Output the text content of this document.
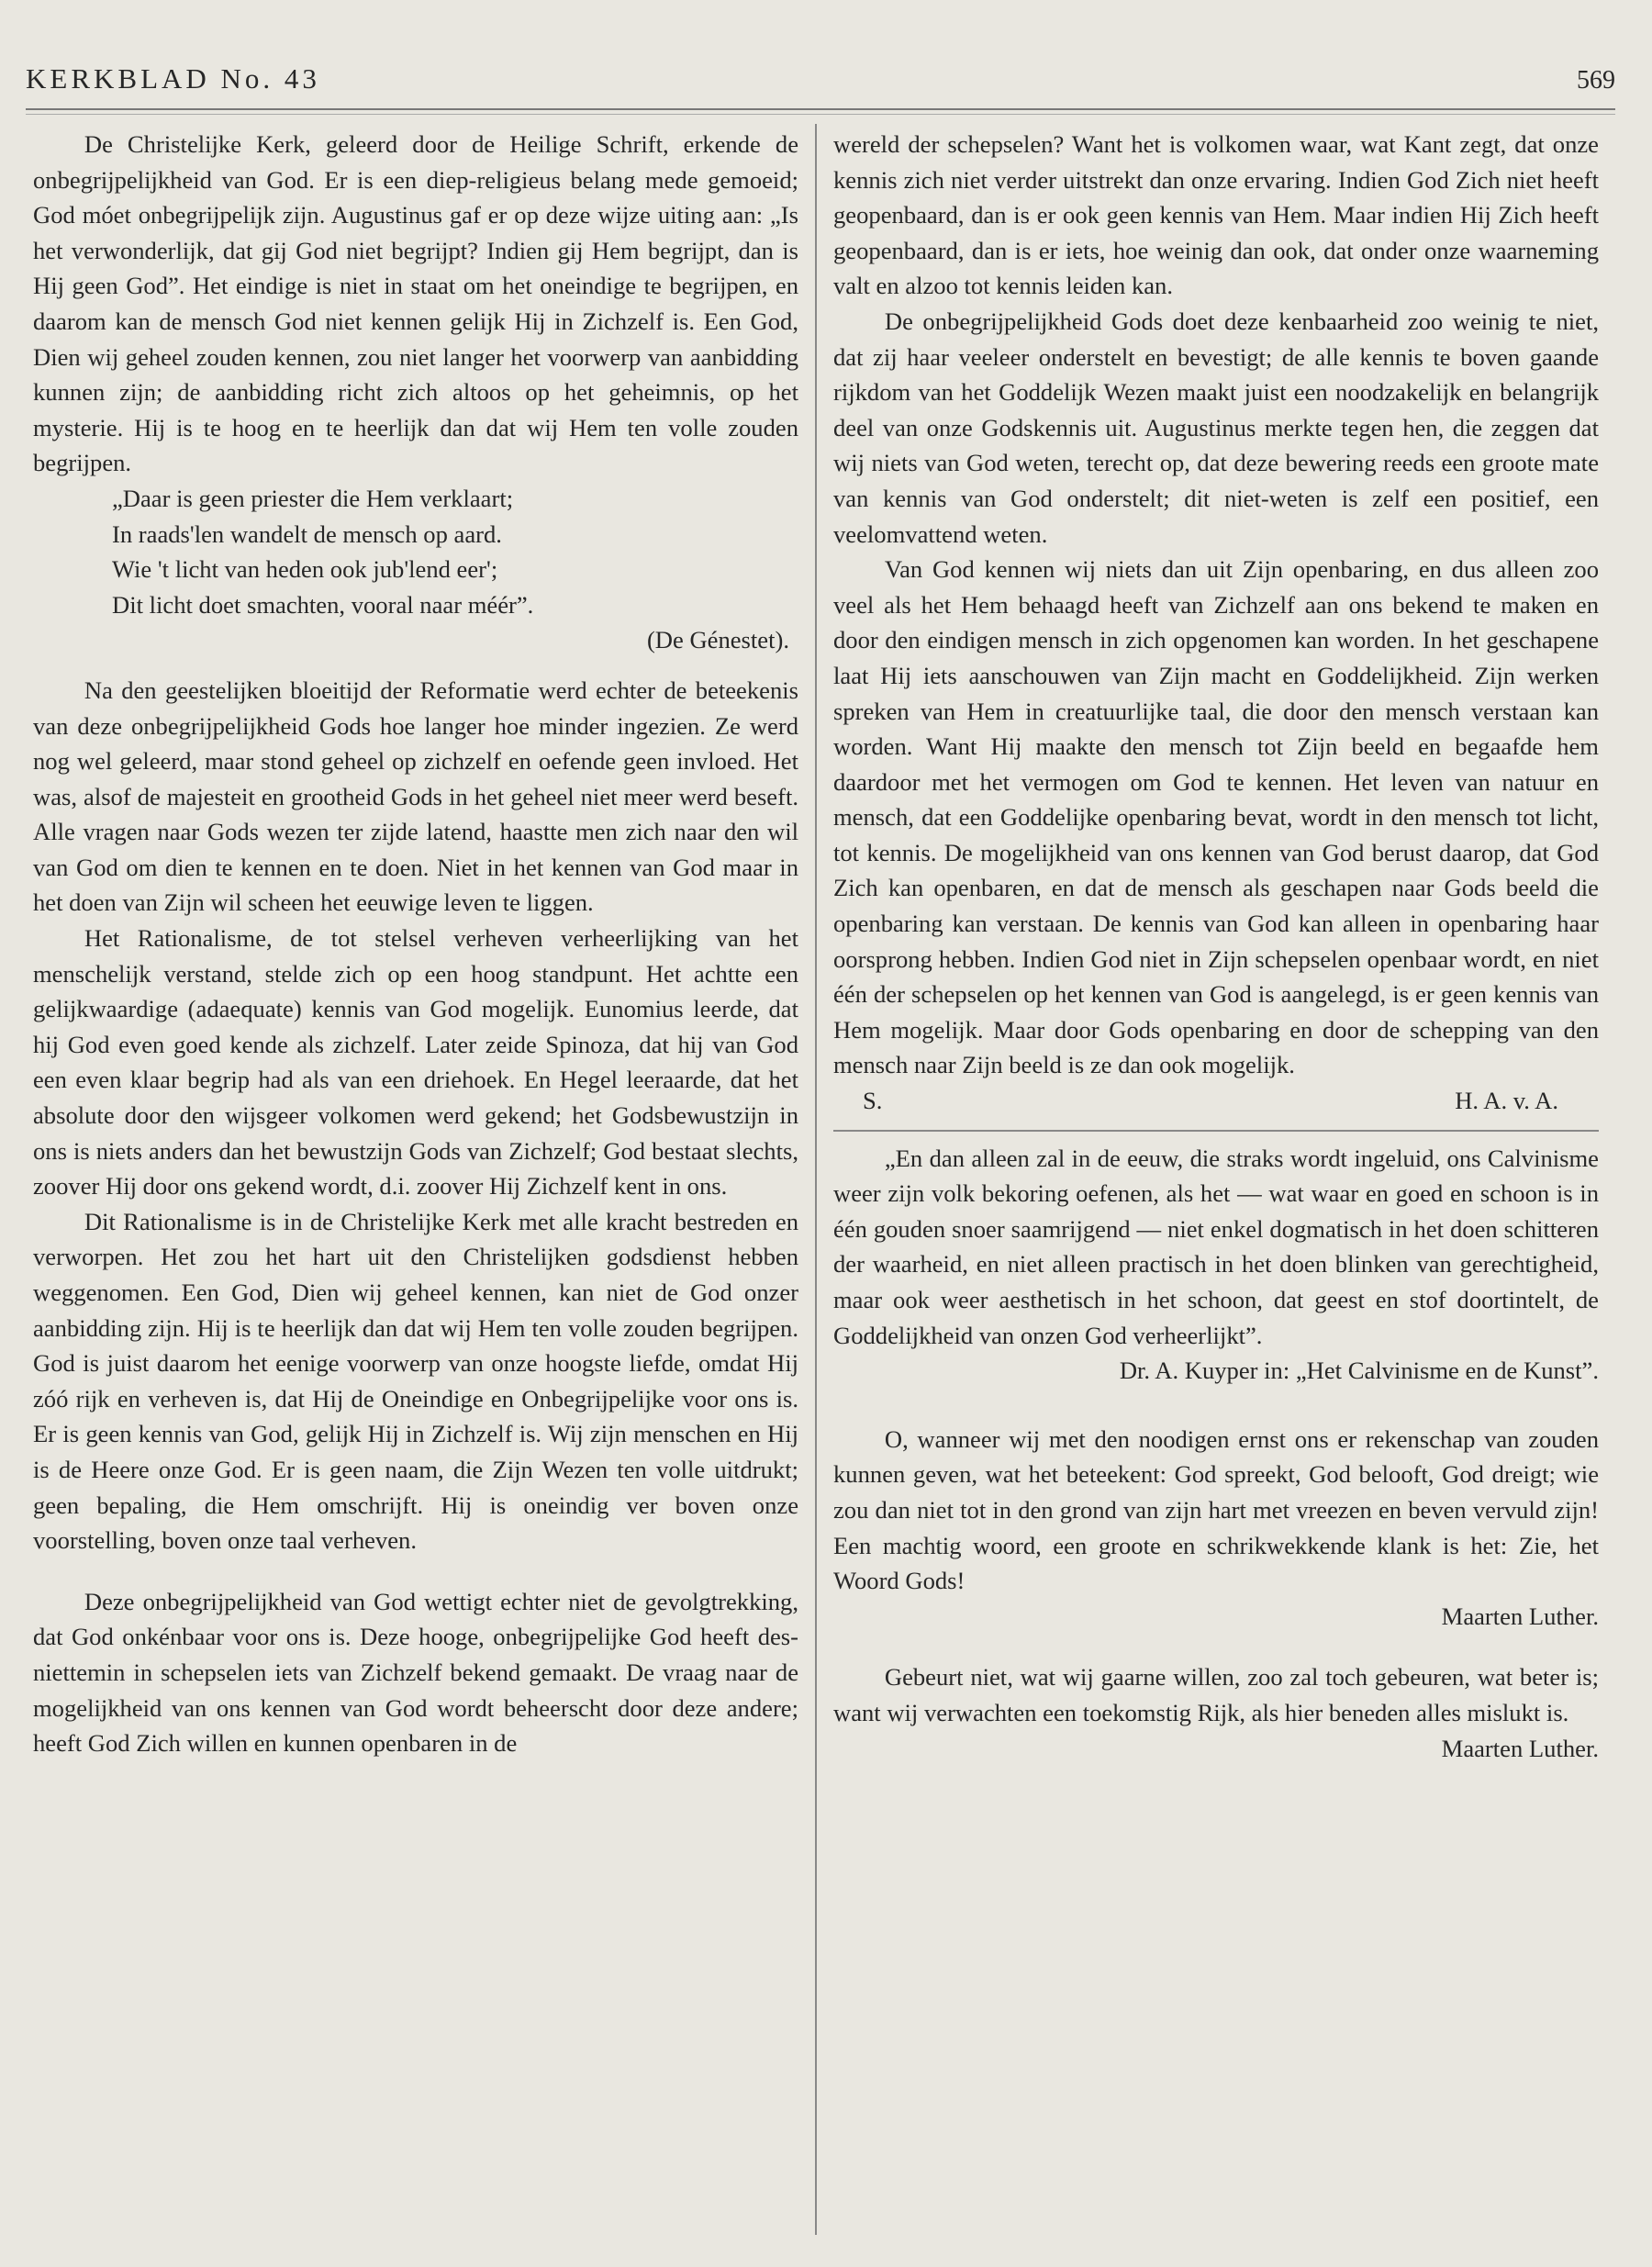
KERKBLAD No. 43	569

De Christelijke Kerk, geleerd door de Heilige Schrift, erkende de onbegrijpelijkheid van God. Er is een diep-religieus belang mede gemoeid; God móet onbegrijpelijk zijn. Augustinus gaf er op deze wijze uiting aan: „Is het verwonderlijk, dat gij God niet begrijpt? Indien gij Hem begrijpt, dan is Hij geen God”. Het eindige is niet in staat om het oneindige te begrijpen, en daarom kan de mensch God niet kennen gelijk Hij in Zichzelf is. Een God, Dien wij geheel zouden kennen, zou niet langer het voorwerp van aanbidding kunnen zijn; de aanbidding richt zich altoos op het geheimnis, op het mysterie. Hij is te hoog en te heerlijk dan dat wij Hem ten volle zouden begrijpen.

„Daar is geen priester die Hem verklaart;
In raads'len wandelt de mensch op aard.
Wie 't licht van heden ook jub'lend eer';
Dit licht doet smachten, vooral naar méér”.
(De Génestet).

Na den geestelijken bloeitijd der Reformatie werd echter de beteekenis van deze onbegrijpelijkheid Gods hoe langer hoe minder ingezien. Ze werd nog wel geleerd, maar stond geheel op zichzelf en oefende geen invloed. Het was, alsof de majesteit en grootheid Gods in het geheel niet meer werd beseft. Alle vragen naar Gods wezen ter zijde latend, haastte men zich naar den wil van God om dien te kennen en te doen. Niet in het kennen van God maar in het doen van Zijn wil scheen het eeuwige leven te liggen.

Het Rationalisme, de tot stelsel verheven verheerlijking van het menschelijk verstand, stelde zich op een hoog standpunt. Het achtte een gelijkwaardige (adaequate) kennis van God mogelijk. Eunomius leerde, dat hij God even goed kende als zichzelf. Later zeide Spinoza, dat hij van God een even klaar begrip had als van een driehoek. En Hegel leeraarde, dat het absolute door den wijsgeer volkomen werd gekend; het Godsbewustzijn in ons is niets anders dan het bewustzijn Gods van Zichzelf; God bestaat slechts, zoover Hij door ons gekend wordt, d.i. zoover Hij Zichzelf kent in ons.

Dit Rationalisme is in de Christelijke Kerk met alle kracht bestreden en verworpen. Het zou het hart uit den Christelijken godsdienst hebben weggenomen. Een God, Dien wij geheel kennen, kan niet de God onzer aanbidding zijn. Hij is te heerlijk dan dat wij Hem ten volle zouden begrijpen. God is juist daarom het eenige voorwerp van onze hoogste liefde, omdat Hij zóó rijk en verheven is, dat Hij de Oneindige en Onbegrijpelijke voor ons is. Er is geen kennis van God, gelijk Hij in Zichzelf is. Wij zijn menschen en Hij is de Heere onze God. Er is geen naam, die Zijn Wezen ten volle uitdrukt; geen bepaling, die Hem omschrijft. Hij is oneindig ver boven onze voorstelling, boven onze taal verheven.

Deze onbegrijpelijkheid van God wettigt echter niet de gevolgtrekking, dat God onkénbaar voor ons is. Deze hooge, onbegrijpelijke God heeft des-niettemin in schepselen iets van Zichzelf bekend gemaakt. De vraag naar de mogelijkheid van ons kennen van God wordt beheerscht door deze andere; heeft God Zich willen en kunnen openbaren in de

wereld der schepselen? Want het is volkomen waar, wat Kant zegt, dat onze kennis zich niet verder uitstrekt dan onze ervaring. Indien God Zich niet heeft geopenbaard, dan is er ook geen kennis van Hem. Maar indien Hij Zich heeft geopenbaard, dan is er iets, hoe weinig dan ook, dat onder onze waarneming valt en alzoo tot kennis leiden kan.

De onbegrijpelijkheid Gods doet deze kenbaarheid zoo weinig te niet, dat zij haar veeleer onderstelt en bevestigt; de alle kennis te boven gaande rijkdom van het Goddelijk Wezen maakt juist een noodzakelijk en belangrijk deel van onze Godskennis uit. Augustinus merkte tegen hen, die zeggen dat wij niets van God weten, terecht op, dat deze bewering reeds een groote mate van kennis van God onderstelt; dit niet-weten is zelf een positief, een veelomvattend weten.

Van God kennen wij niets dan uit Zijn openbaring, en dus alleen zoo veel als het Hem behaagd heeft van Zichzelf aan ons bekend te maken en door den eindigen mensch in zich opgenomen kan worden. In het geschapene laat Hij iets aanschouwen van Zijn macht en Goddelijkheid. Zijn werken spreken van Hem in creatuurlijke taal, die door den mensch verstaan kan worden. Want Hij maakte den mensch tot Zijn beeld en begaafde hem daardoor met het vermogen om God te kennen. Het leven van natuur en mensch, dat een Goddelijke openbaring bevat, wordt in den mensch tot licht, tot kennis. De mogelijkheid van ons kennen van God berust daarop, dat God Zich kan openbaren, en dat de mensch als geschapen naar Gods beeld die openbaring kan verstaan. De kennis van God kan alleen in openbaring haar oorsprong hebben. Indien God niet in Zijn schepselen openbaar wordt, en niet één der schepselen op het kennen van God is aangelegd, is er geen kennis van Hem mogelijk. Maar door Gods openbaring en door de schepping van den mensch naar Zijn beeld is ze dan ook mogelijk.

S.	H. A. v. A.

„En dan alleen zal in de eeuw, die straks wordt ingeluid, ons Calvinisme weer zijn volk bekoring oefenen, als het — wat waar en goed en schoon is in één gouden snoer saamrijgend — niet enkel dogmatisch in het doen schitteren der waarheid, en niet alleen practisch in het doen blinken van gerechtigheid, maar ook weer aesthetisch in het schoon, dat geest en stof doortintelt, de Goddelijkheid van onzen God verheerlijkt”.

Dr. A. Kuyper in: „Het Calvinisme en de Kunst”.

O, wanneer wij met den noodigen ernst ons er rekenschap van zouden kunnen geven, wat het beteekent: God spreekt, God belooft, God dreigt; wie zou dan niet tot in den grond van zijn hart met vreezen en beven vervuld zijn! Een machtig woord, een groote en schrikwekkende klank is het: Zie, het Woord Gods!

Maarten Luther.

Gebeurt niet, wat wij gaarne willen, zoo zal toch gebeuren, wat beter is; want wij verwachten een toekomstig Rijk, als hier beneden alles mislukt is.

Maarten Luther.
